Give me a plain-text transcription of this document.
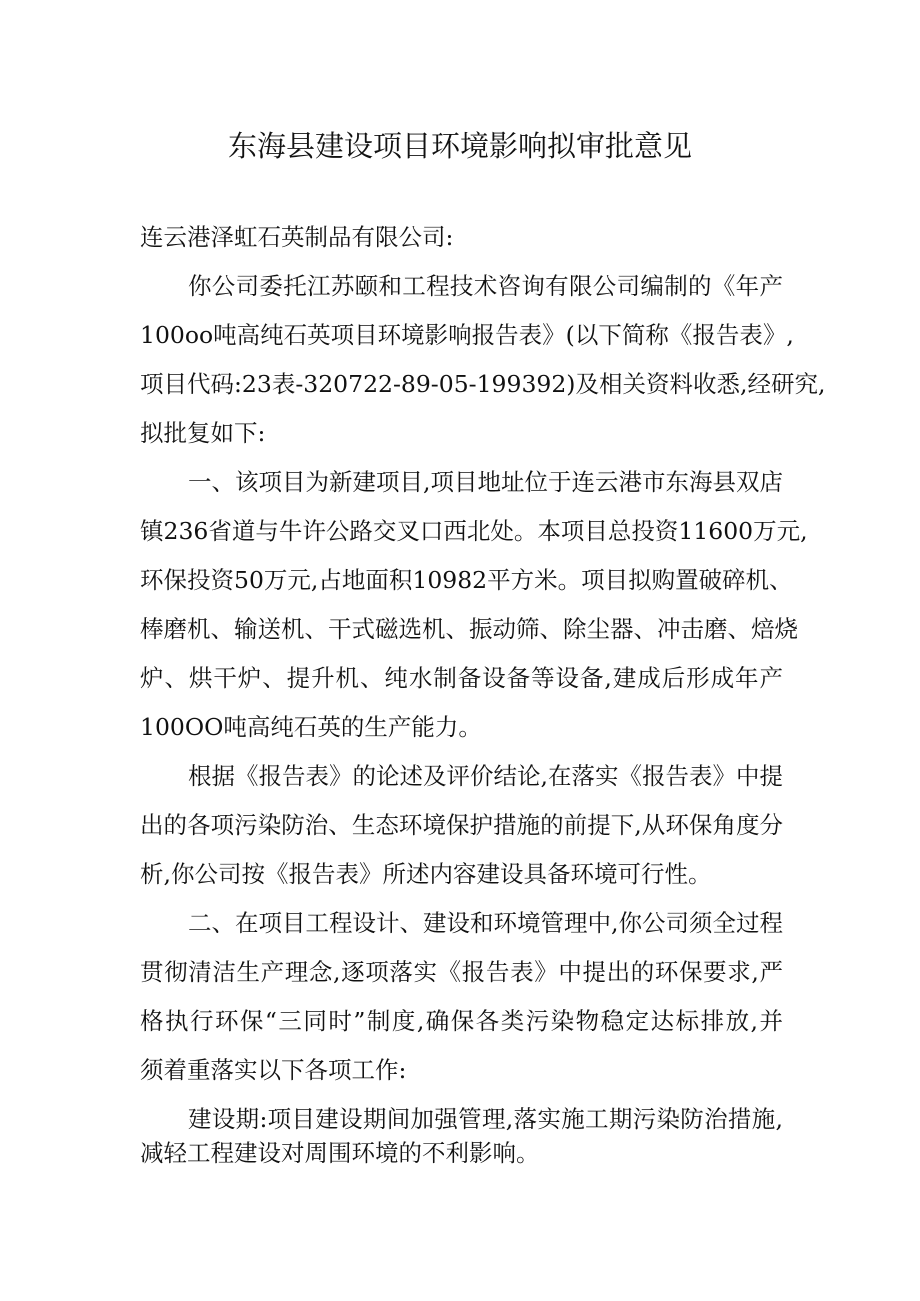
东海县建设项目环境影响拟审批意见
连云港泽虹石英制品有限公司:
你公司委托江苏颐和工程技术咨询有限公司编制的《年产
100oo吨高纯石英项目环境影响报告表》(以下简称《报告表》,
项目代码:23表-320722-89-05-199392)及相关资料收悉,经研究,
拟批复如下:
一、该项目为新建项目,项目地址位于连云港市东海县双店
镇236省道与牛许公路交叉口西北处。本项目总投资11600万元,
环保投资50万元,占地面积10982平方米。项目拟购置破碎机、
棒磨机、输送机、干式磁选机、振动筛、除尘器、冲击磨、焙烧
炉、烘干炉、提升机、纯水制备设备等设备,建成后形成年产
100OO吨高纯石英的生产能力。
根据《报告表》的论述及评价结论,在落实《报告表》中提
出的各项污染防治、生态环境保护措施的前提下,从环保角度分
析,你公司按《报告表》所述内容建设具备环境可行性。
二、在项目工程设计、建设和环境管理中,你公司须全过程
贯彻清洁生产理念,逐项落实《报告表》中提出的环保要求,严
格执行环保“三同时”制度,确保各类污染物稳定达标排放,并
须着重落实以下各项工作:
建设期:项目建设期间加强管理,落实施工期污染防治措施,
减轻工程建设对周围环境的不利影响。
